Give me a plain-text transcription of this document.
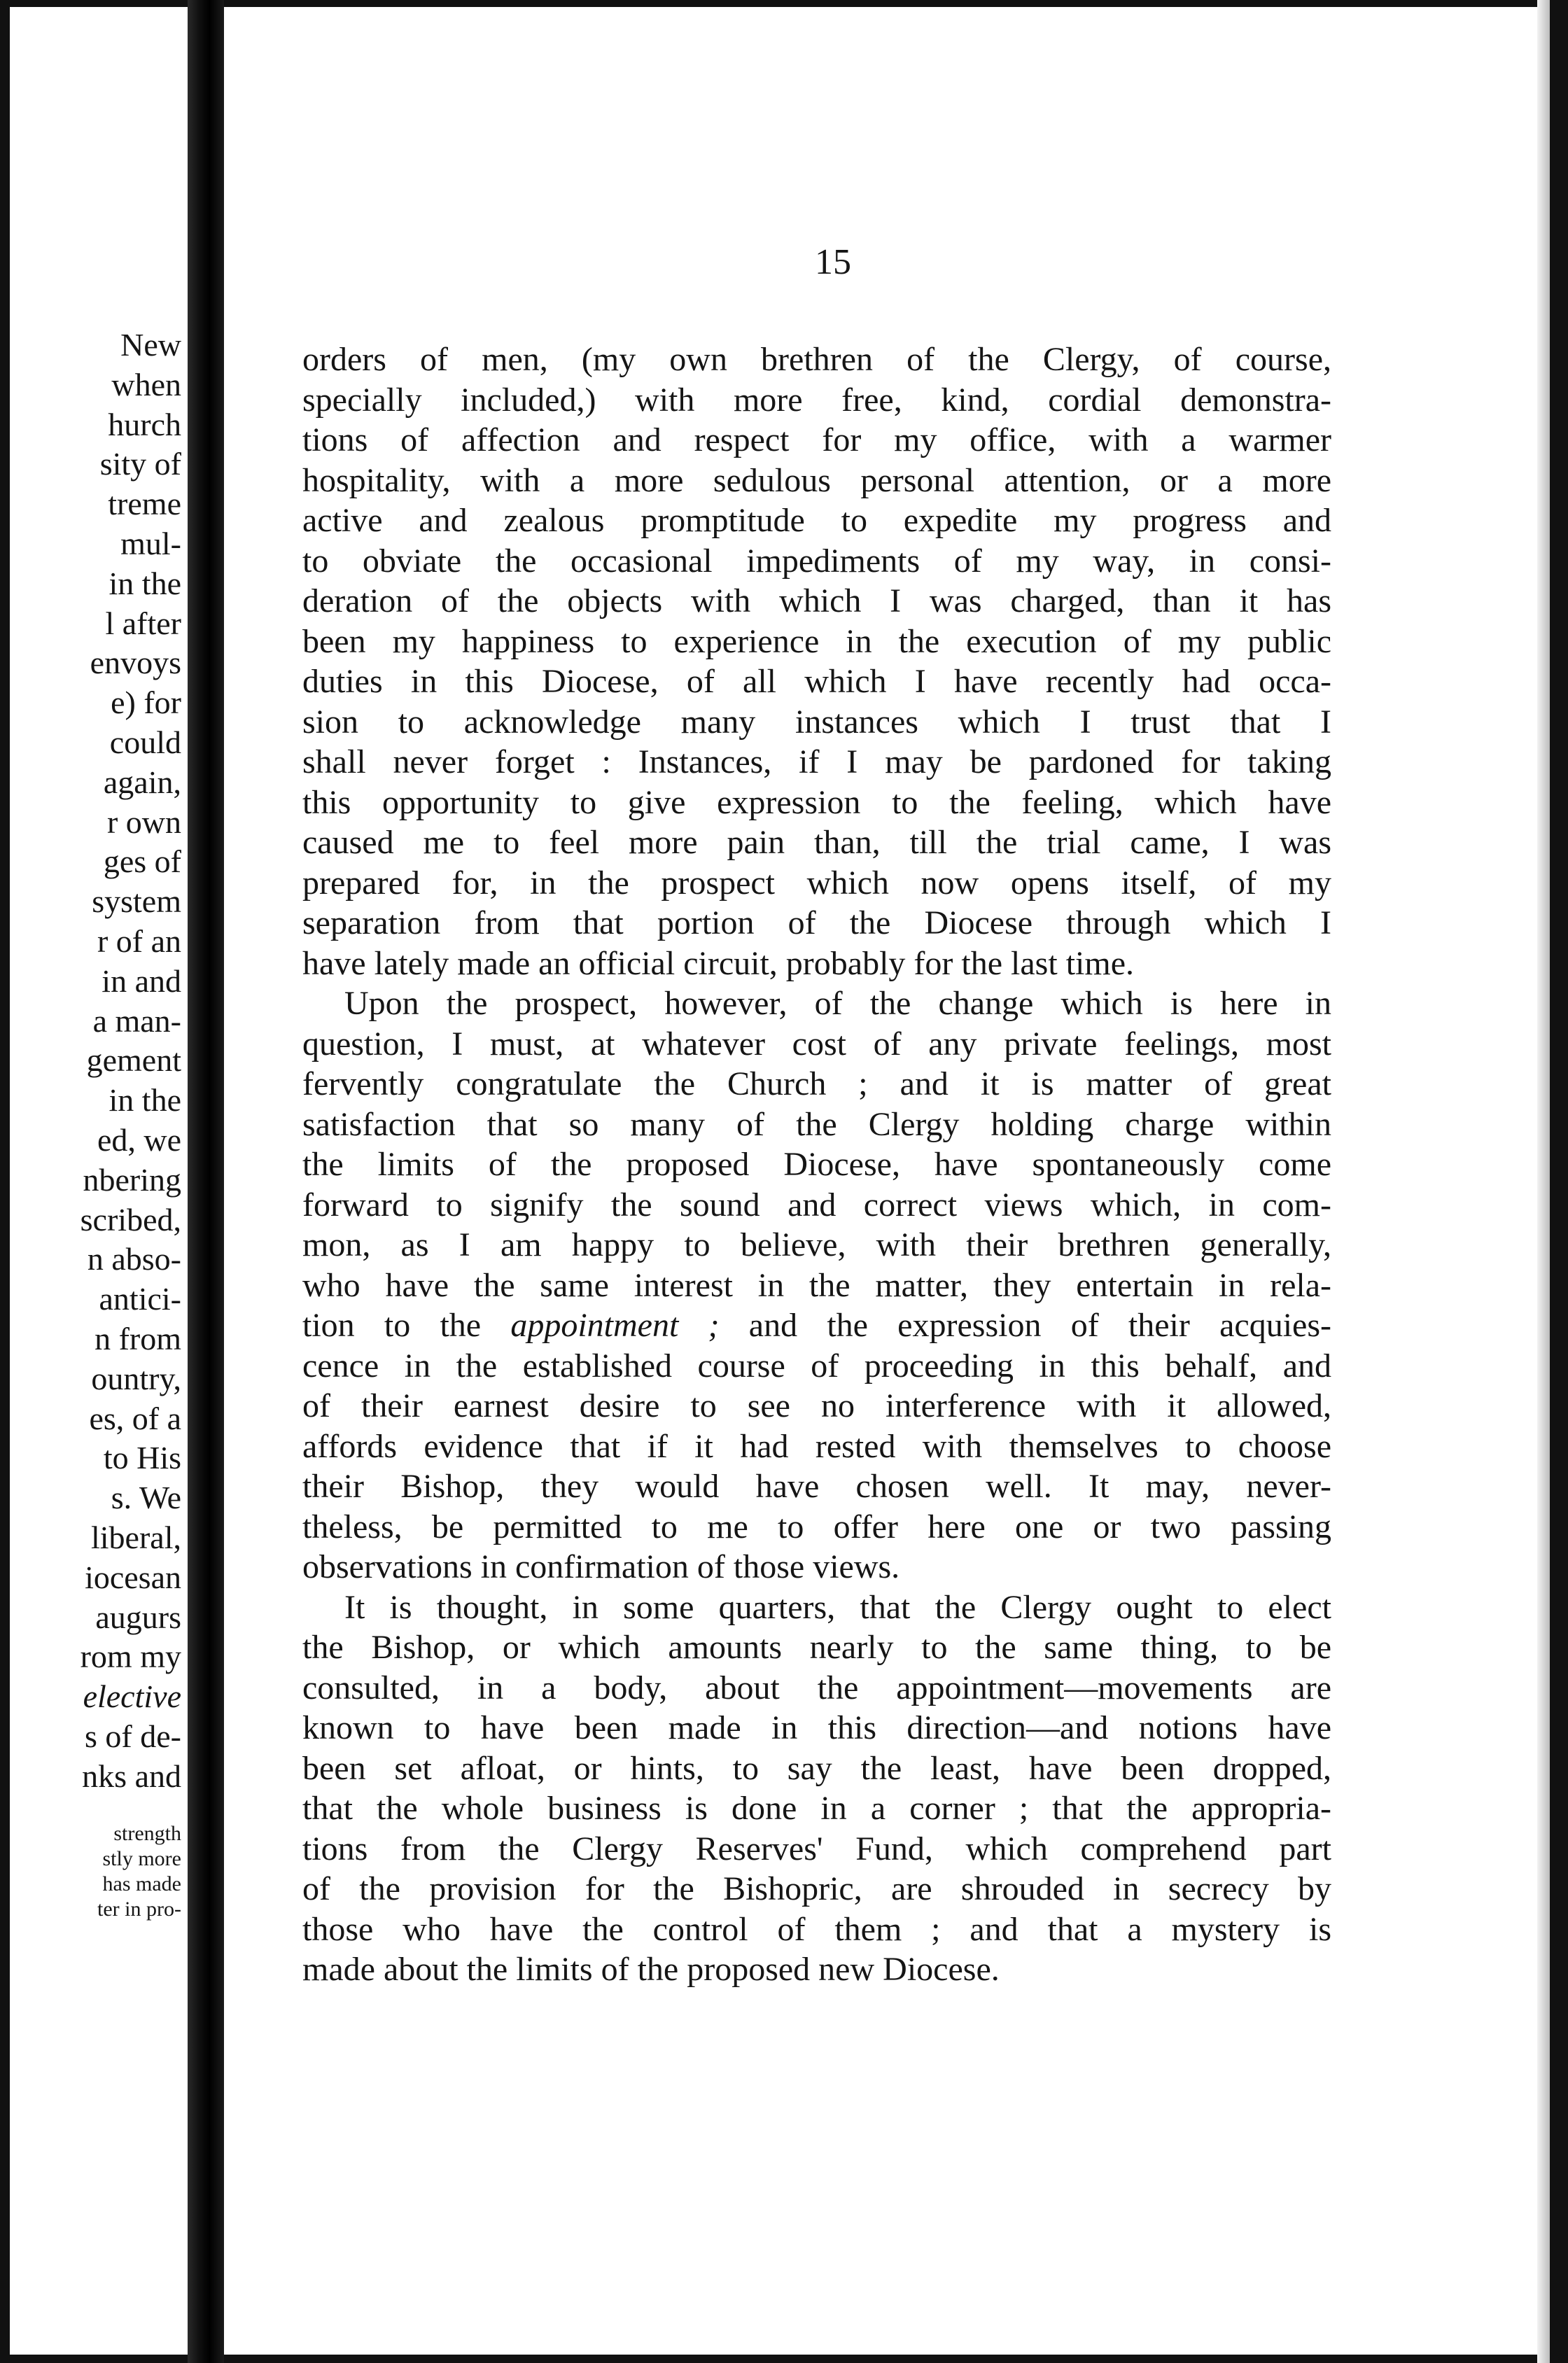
New
when
hurch
sity of
treme
mul-
in the
l after
envoys
e) for
could
again,
r own
ges of
system
r of an
in and
a man-
gement
in the
ed, we
nbering
scribed,
n abso-
antici-
n from
ountry,
es, of a
to His
s. We
liberal,
iocesan
augurs
rom my
elective
s of de-
nks and
strength
stly more
has made
ter in pro-
15
orders of men, (my own brethren of the Clergy, of course,
specially included,) with more free, kind, cordial demonstra-
tions of affection and respect for my office, with a warmer
hospitality, with a more sedulous personal attention, or a more
active and zealous promptitude to expedite my progress and
to obviate the occasional impediments of my way, in consi-
deration of the objects with which I was charged, than it has
been my happiness to experience in the execution of my public
duties in this Diocese, of all which I have recently had occa-
sion to acknowledge many instances which I trust that I
shall never forget : Instances, if I may be pardoned for taking
this opportunity to give expression to the feeling, which have
caused me to feel more pain than, till the trial came, I was
prepared for, in the prospect which now opens itself, of my
separation from that portion of the Diocese through which I
have lately made an official circuit, probably for the last time.
Upon the prospect, however, of the change which is here in
question, I must, at whatever cost of any private feelings, most
fervently congratulate the Church ; and it is matter of great
satisfaction that so many of the Clergy holding charge within
the limits of the proposed Diocese, have spontaneously come
forward to signify the sound and correct views which, in com-
mon, as I am happy to believe, with their brethren generally,
who have the same interest in the matter, they entertain in rela-
tion to the appointment ; and the expression of their acquies-
cence in the established course of proceeding in this behalf, and
of their earnest desire to see no interference with it allowed,
affords evidence that if it had rested with themselves to choose
their Bishop, they would have chosen well. It may, never-
theless, be permitted to me to offer here one or two passing
observations in confirmation of those views.
It is thought, in some quarters, that the Clergy ought to elect
the Bishop, or which amounts nearly to the same thing, to be
consulted, in a body, about the appointment—movements are
known to have been made in this direction—and notions have
been set afloat, or hints, to say the least, have been dropped,
that the whole business is done in a corner ; that the appropria-
tions from the Clergy Reserves' Fund, which comprehend part
of the provision for the Bishopric, are shrouded in secrecy by
those who have the control of them ; and that a mystery is
made about the limits of the proposed new Diocese.
